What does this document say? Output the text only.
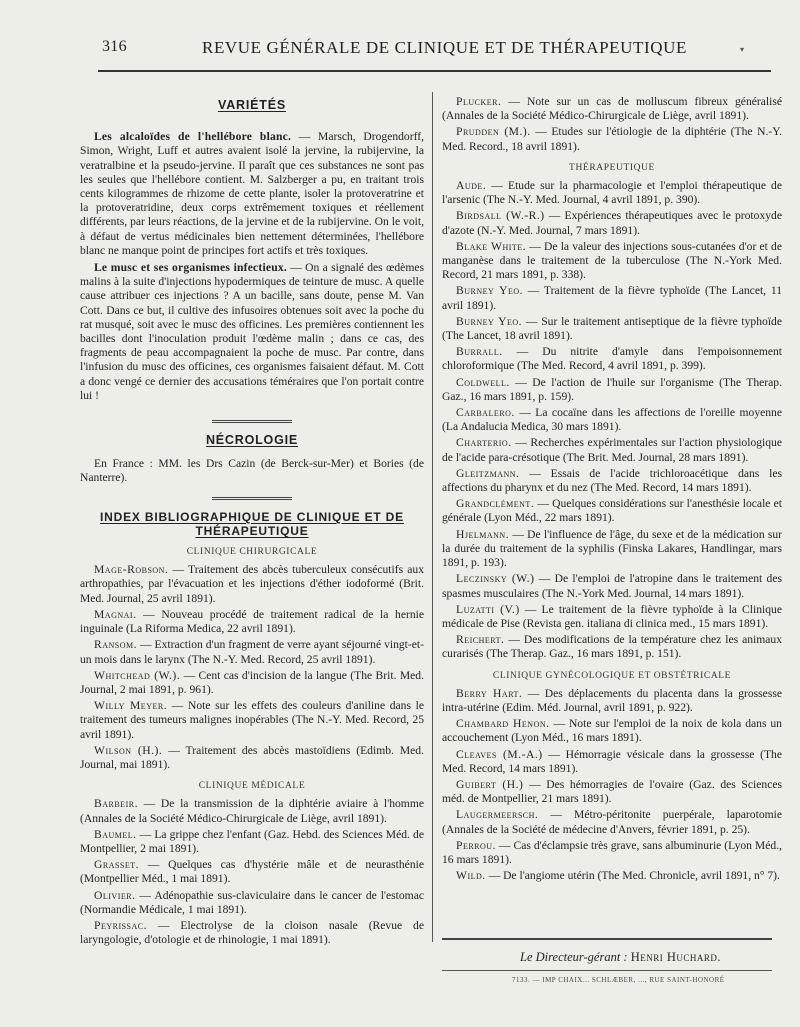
316	REVUE GÉNÉRALE DE CLINIQUE ET DE THÉRAPEUTIQUE	▾
VARIÉTÉS

Les alcaloïdes de l'hellébore blanc. — Marsch, Drogendorff, Simon, Wright, Luff et autres avaient isolé la jervine, la rubijervine, la veratralbine et la pseudo-jervine. Il paraît que ces substances ne sont pas les seules que l'hellébore contient. M. Salzberger a pu, en traitant trois cents kilogrammes de rhizome de cette plante, isoler la protoveratrine et la protoveratridine, deux corps extrêmement toxiques et réellement différents, par leurs réactions, de la jervine et de la rubijervine. On le voit, à défaut de vertus médicinales bien nettement déterminées, l'hellébore blanc ne manque point de principes fort actifs et très toxiques.

Le musc et ses organismes infectieux. — On a signalé des œdèmes malins à la suite d'injections hypodermiques de teinture de musc. A quelle cause attribuer ces injections ? A un bacille, sans doute, pense M. Van Cott. Dans ce but, il cultive des infusoires obtenues soit avec la poche du rat musqué, soit avec le musc des officines. Les premières contiennent les bacilles dont l'inoculation produit l'œdème malin ; dans ce cas, des fragments de peau accompagnaient la poche de musc. Par contre, dans l'infusion du musc des officines, ces organismes faisaient défaut. M. Cott a donc vengé ce dernier des accusations téméraires que l'on portait contre lui !

NÉCROLOGIE

En France : MM. les Drs Cazin (de Berck-sur-Mer) et Bories (de Nanterre).

INDEX BIBLIOGRAPHIQUE DE CLINIQUE ET DE THÉRAPEUTIQUE
CLINIQUE CHIRURGICALE

Mage-Robson. — Traitement des abcès tuberculeux consécutifs aux arthropathies, par l'évacuation et les injections d'éther iodoformé (Brit. Med. Journal, 25 avril 1891).

Magnai. — Nouveau procédé de traitement radical de la hernie inguinale (La Riforma Medica, 22 avril 1891).

Ransom. — Extraction d'un fragment de verre ayant séjourné vingt-et-un mois dans le larynx (The N.-Y. Med. Record, 25 avril 1891).

Whitchead (W.). — Cent cas d'incision de la langue (The Brit. Med. Journal, 2 mai 1891, p. 961).

Willy Meyer. — Note sur les effets des couleurs d'aniline dans le traitement des tumeurs malignes inopérables (The N.-Y. Med. Record, 25 avril 1891).

Wilson (H.). — Traitement des abcès mastoïdiens (Edimb. Med. Journal, mai 1891).

CLINIQUE MÉDICALE

Barbeir. — De la transmission de la diphtérie aviaire à l'homme (Annales de la Société Médico-Chirurgicale de Liège, avril 1891).

Baumel. — La grippe chez l'enfant (Gaz. Hebd. des Sciences Méd. de Montpellier, 2 mai 1891).

Grasset. — Quelques cas d'hystérie mâle et de neurasthénie (Montpellier Méd., 1 mai 1891).

Olivier. — Adénopathie sus-claviculaire dans le cancer de l'estomac (Normandie Médicale, 1 mai 1891).

Peyrissac. — Electrolyse de la cloison nasale (Revue de laryngologie, d'otologie et de rhinologie, 1 mai 1891).

Plucker. — Note sur un cas de molluscum fibreux généralisé (Annales de la Société Médico-Chirurgicale de Liège, avril 1891).

Prudden (M.). — Etudes sur l'étiologie de la diphtérie (The N.-Y. Med. Record., 18 avril 1891).

THÉRAPEUTIQUE

Aude. — Etude sur la pharmacologie et l'emploi thérapeutique de l'arsenic (The N.-Y. Med. Journal, 4 avril 1891, p. 390).

Birdsall (W.-R.) — Expériences thérapeutiques avec le protoxyde d'azote (N.-Y. Med. Journal, 7 mars 1891).

Blake White. — De la valeur des injections sous-cutanées d'or et de manganèse dans le traitement de la tuberculose (The N.-York Med. Record, 21 mars 1891, p. 338).

Burney Yeo. — Traitement de la fièvre typhoïde (The Lancet, 11 avril 1891).

Burney Yeo. — Sur le traitement antiseptique de la fièvre typhoïde (The Lancet, 18 avril 1891).

Burrall. — Du nitrite d'amyle dans l'empoisonnement chloroformique (The Med. Record, 4 avril 1891, p. 399).

Coldwell. — De l'action de l'huile sur l'organisme (The Therap. Gaz., 16 mars 1891, p. 159).

Carbalero. — La cocaïne dans les affections de l'oreille moyenne (La Andalucia Medica, 30 mars 1891).

Charterio. — Recherches expérimentales sur l'action physiologique de l'acide para-crésotique (The Brit. Med. Journal, 28 mars 1891).

Gleitzmann. — Essais de l'acide trichloroacétique dans les affections du pharynx et du nez (The Med. Record, 14 mars 1891).

Grandclément. — Quelques considérations sur l'anesthésie locale et générale (Lyon Méd., 22 mars 1891).

Hjelmann. — De l'influence de l'âge, du sexe et de la médication sur la durée du traitement de la syphilis (Finska Lakares, Handlingar, mars 1891, p. 193).

Leczinsky (W.) — De l'emploi de l'atropine dans le traitement des spasmes musculaires (The N.-York Med. Journal, 14 mars 1891).

Luzatti (V.) — Le traitement de la fièvre typhoïde à la Clinique médicale de Pise (Revista gen. italiana di clinica med., 15 mars 1891).

Reichert. — Des modifications de la température chez les animaux curarisés (The Therap. Gaz., 16 mars 1891, p. 151).

CLINIQUE GYNÉCOLOGIQUE ET OBSTÉTRICALE

Berry Hart. — Des déplacements du placenta dans la grossesse intra-utérine (Edim. Méd. Journal, avril 1891, p. 922).

Chambard Henon. — Note sur l'emploi de la noix de kola dans un accouchement (Lyon Méd., 16 mars 1891).

Cleaves (M.-A.) — Hémorragie vésicale dans la grossesse (The Med. Record, 14 mars 1891).

Guibert (H.) — Des hémorragies de l'ovaire (Gaz. des Sciences méd. de Montpellier, 21 mars 1891).

Laugermeersch. — Métro-péritonite puerpérale, laparotomie (Annales de la Société de médecine d'Anvers, février 1891, p. 25).

Perrou. — Cas d'éclampsie très grave, sans albuminurie (Lyon Méd., 16 mars 1891).

Wild. — De l'angiome utérin (The Med. Chronicle, avril 1891, n° 7).

Le Directeur-gérant : Henri Huchard.
7133. — IMP CHAIX... SCHLÆBER, ..., RUE SAINT-HONORÉ
